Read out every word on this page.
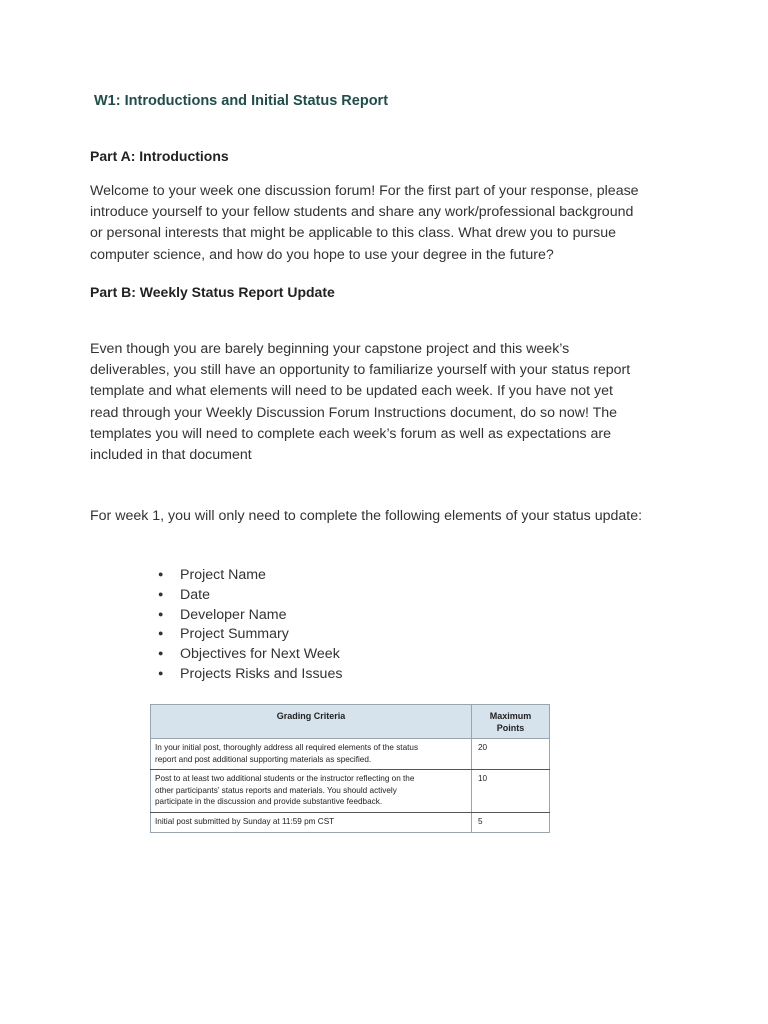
W1: Introductions and Initial Status Report
Part A: Introductions
Welcome to your week one discussion forum! For the first part of your response, please
introduce yourself to your fellow students and share any work/professional background
or personal interests that might be applicable to this class. What drew you to pursue
computer science, and how do you hope to use your degree in the future?
Part B: Weekly Status Report Update
Even though you are barely beginning your capstone project and this week’s
deliverables, you still have an opportunity to familiarize yourself with your status report
template and what elements will need to be updated each week. If you have not yet
read through your Weekly Discussion Forum Instructions document, do so now! The
templates you will need to complete each week’s forum as well as expectations are
included in that document
For week 1, you will only need to complete the following elements of your status update:
● Project Name
● Date
● Developer Name
● Project Summary
● Objectives for Next Week
● Projects Risks and Issues
Grading Criteria	Maximum
Points
In your initial post, thoroughly address all required elements of the status
report and post additional supporting materials as specified.	20
Post to at least two additional students or the instructor reflecting on the
other participants’ status reports and materials. You should actively
participate in the discussion and provide substantive feedback.	10
Initial post submitted by Sunday at 11:59 pm CST	5
